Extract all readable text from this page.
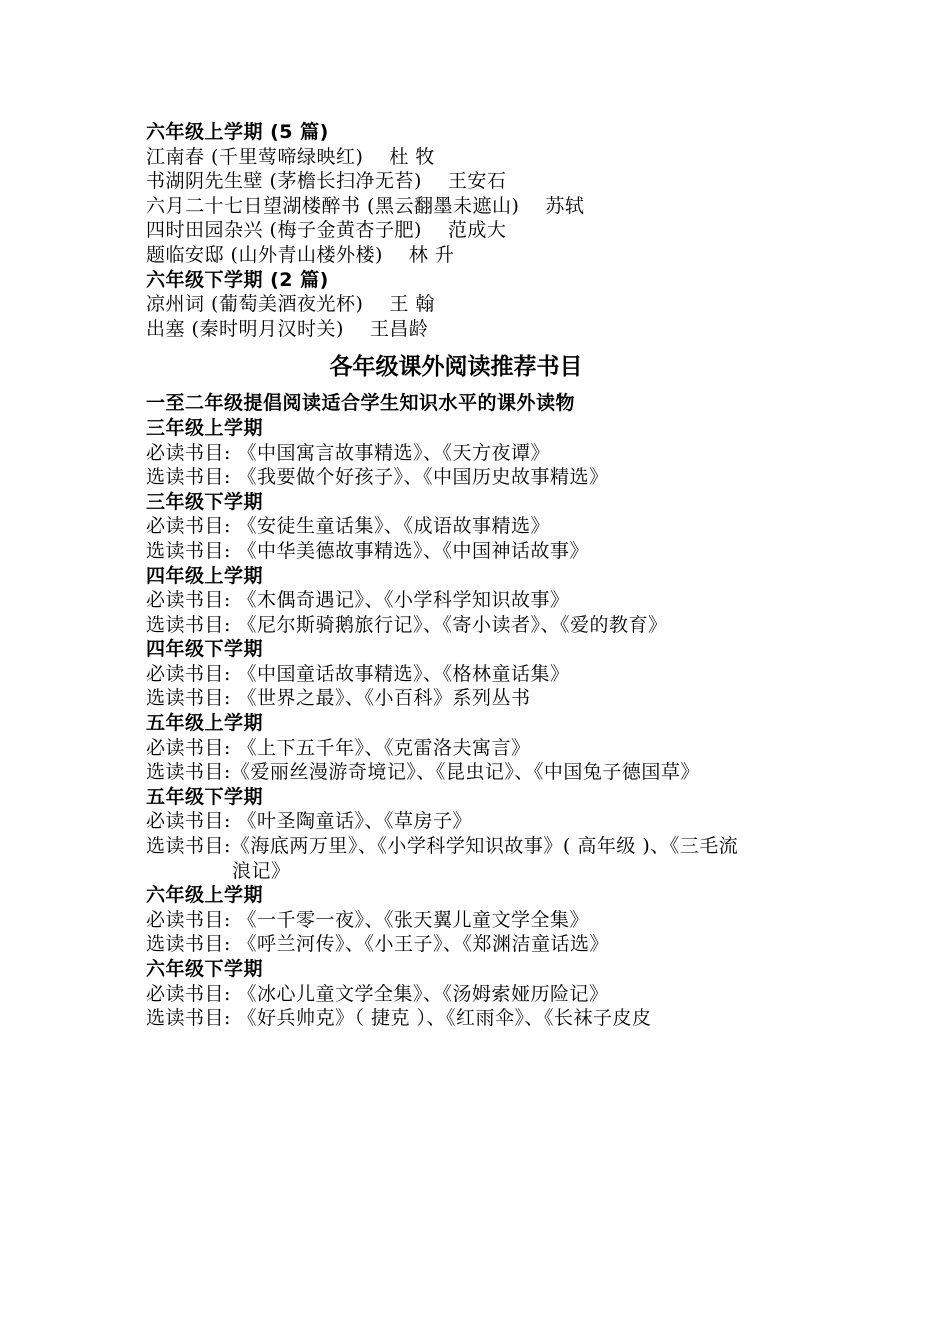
六年级上学期 (5 篇)
江南春 (千里莺啼绿映红) 杜 牧
书湖阴先生壁 (茅檐长扫净无苔) 王安石
六月二十七日望湖楼醉书 (黑云翻墨未遮山) 苏轼
四时田园杂兴 (梅子金黄杏子肥) 范成大
题临安邸 (山外青山楼外楼) 林 升
六年级下学期 (2 篇)
凉州词 (葡萄美酒夜光杯) 王 翰
出塞 (秦时明月汉时关) 王昌龄
各年级课外阅读推荐书目
一至二年级提倡阅读适合学生知识水平的课外读物
三年级上学期
必读书目: 《中国寓言故事精选》、《天方夜谭》
选读书目: 《我要做个好孩子》、《中国历史故事精选》
三年级下学期
必读书目: 《安徒生童话集》、《成语故事精选》
选读书目: 《中华美德故事精选》、《中国神话故事》
四年级上学期
必读书目: 《木偶奇遇记》、《小学科学知识故事》
选读书目: 《尼尔斯骑鹅旅行记》、《寄小读者》、《爱的教育》
四年级下学期
必读书目: 《中国童话故事精选》、《格林童话集》
选读书目: 《世界之最》、《小百科》系列丛书
五年级上学期
必读书目: 《上下五千年》、《克雷洛夫寓言》
选读书目:《爱丽丝漫游奇境记》、《昆虫记》、《中国兔子德国草》
五年级下学期
必读书目: 《叶圣陶童话》、《草房子》
选读书目:《海底两万里》、《小学科学知识故事》( 高年级 )、《三毛流
浪记》
六年级上学期
必读书目: 《一千零一夜》、《张天翼儿童文学全集》
选读书目: 《呼兰河传》、《小王子》、《郑渊洁童话选》
六年级下学期
必读书目: 《冰心儿童文学全集》、《汤姆索娅历险记》
选读书目: 《好兵帅克》（ 捷克 ）、《红雨伞》、《长袜子皮皮
